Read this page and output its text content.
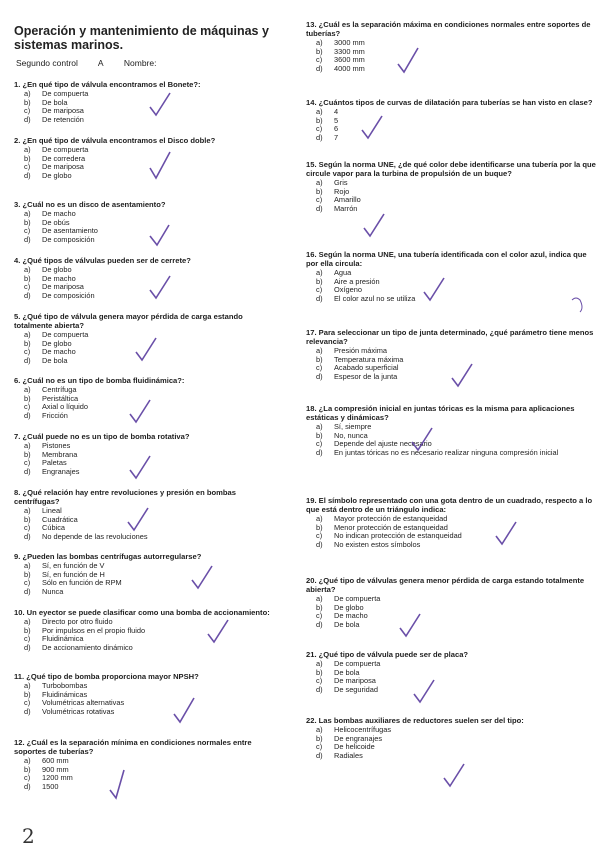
Operación y mantenimiento de máquinas y sistemas marinos.
Segundo control A Nombre:
1. ¿En qué tipo de válvula encontramos el Bonete?:
a) De compuerta
b) De bola
c) De mariposa
d) De retención
2. ¿En qué tipo de válvula encontramos el Disco doble?
a) De compuerta
b) De corredera
c) De mariposa
d) De globo
3. ¿Cuál no es un disco de asentamiento?
a) De macho
b) De obús
c) De asentamiento
d) De composición
4. ¿Qué tipos de válvulas pueden ser de cerrete?
a) De globo
b) De macho
c) De mariposa
d) De composición
5. ¿Qué tipo de válvula genera mayor pérdida de carga estando totalmente abierta?
a) De compuerta
b) De globo
c) De macho
d) De bola
6. ¿Cuál no es un tipo de bomba fluidinámica?:
a) Centrífuga
b) Peristáltica
c) Axial o líquido
d) Fricción
7. ¿Cuál puede no es un tipo de bomba rotativa?
a) Pistones
b) Membrana
c) Paletas
d) Engranajes
8. ¿Qué relación hay entre revoluciones y presión en bombas centrífugas?
a) Lineal
b) Cuadrática
c) Cúbica
d) No depende de las revoluciones
9. ¿Pueden las bombas centrífugas autorregularse?
a) Sí, en función de V
b) Sí, en función de H
c) Sólo en función de RPM
d) Nunca
10. Un eyector se puede clasificar como una bomba de accionamiento:
a) Directo por otro fluido
b) Por impulsos en el propio fluido
c) Fluidinámica
d) De accionamiento dinámico
11. ¿Qué tipo de bomba proporciona mayor NPSH?
a) Turbobombas
b) Fluidinámicas
c) Volumétricas alternativas
d) Volumétricas rotativas
12. ¿Cuál es la separación mínima en condiciones normales entre soportes de tuberías?
a) 600 mm
b) 900 mm
c) 1200 mm
d) 1500
13. ¿Cuál es la separación máxima en condiciones normales entre soportes de tuberías?
a) 3000 mm
b) 3300 mm
c) 3600 mm
d) 4000 mm
14. ¿Cuántos tipos de curvas de dilatación para tuberías se han visto en clase?
a) 4
b) 5
c) 6
d) 7
15. Según la norma UNE, ¿de qué color debe identificarse una tubería por la que circule vapor para la turbina de propulsión de un buque?
a) Gris
b) Rojo
c) Amarillo
d) Marrón
16. Según la norma UNE, una tubería identificada con el color azul, indica que por ella circula:
a) Agua
b) Aire a presión
c) Oxígeno
d) El color azul no se utiliza
17. Para seleccionar un tipo de junta determinado, ¿qué parámetro tiene menos relevancia?
a) Presión máxima
b) Temperatura máxima
c) Acabado superficial
d) Espesor de la junta
18. ¿La compresión inicial en juntas tóricas es la misma para aplicaciones estáticas y dinámicas?
a) Sí, siempre
b) No, nunca
c) Depende del ajuste necesario
d) En juntas tóricas no es necesario realizar ninguna compresión inicial
19. El símbolo representado con una gota dentro de un cuadrado, respecto a lo que está dentro de un triángulo indica:
a) Mayor protección de estanqueidad
b) Menor protección de estanqueidad
c) No indican protección de estanqueidad
d) No existen estos símbolos
20. ¿Qué tipo de válvulas genera menor pérdida de carga estando totalmente abierta?
a) De compuerta
b) De globo
c) De macho
d) De bola
21. ¿Qué tipo de válvula puede ser de placa?
a) De compuerta
b) De bola
c) De mariposa
d) De seguridad
22. Las bombas auxiliares de reductores suelen ser del tipo:
a) Helicocentrífugas
b) De engranajes
c) De helicoide
d) Radiales
2
